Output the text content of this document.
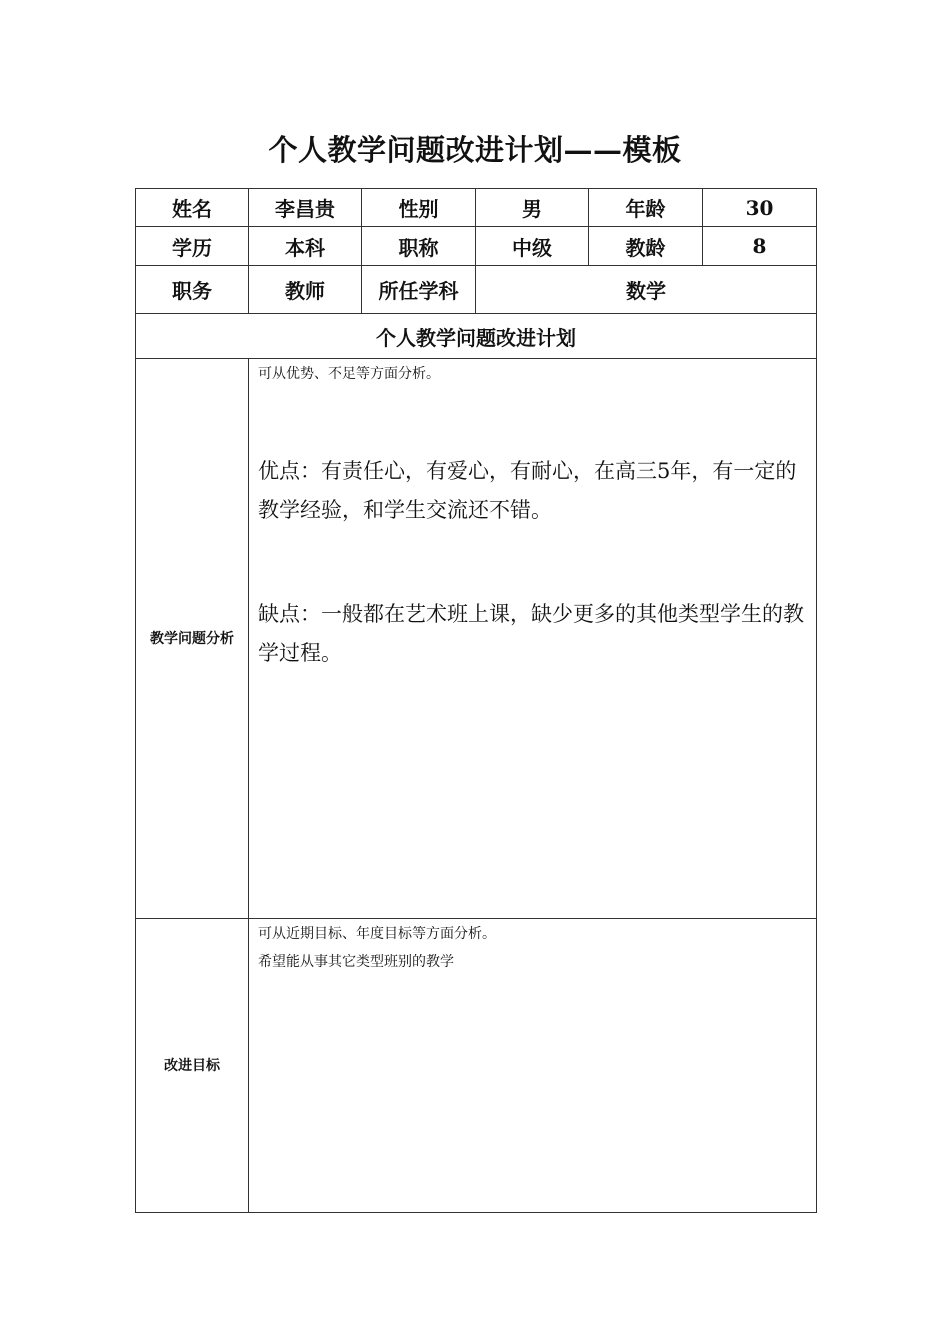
个人教学问题改进计划——模板
姓名	李昌贵	性别	男	年龄	30
学历	本科	职称	中级	教龄	8
职务	教师	所任学科	数学		
个人教学问题改进计划					
教学问题分析	可从优势、不足等方面分析。

优点：有责任心，有爱心，有耐心，在高三5年，有一定的教学经验，和学生交流还不错。

缺点：一般都在艺术班上课，缺少更多的其他类型学生的教学过程。				

改进目标	可从近期目标、年度目标等方面分析。

希望能从事其它类型班别的教学				
